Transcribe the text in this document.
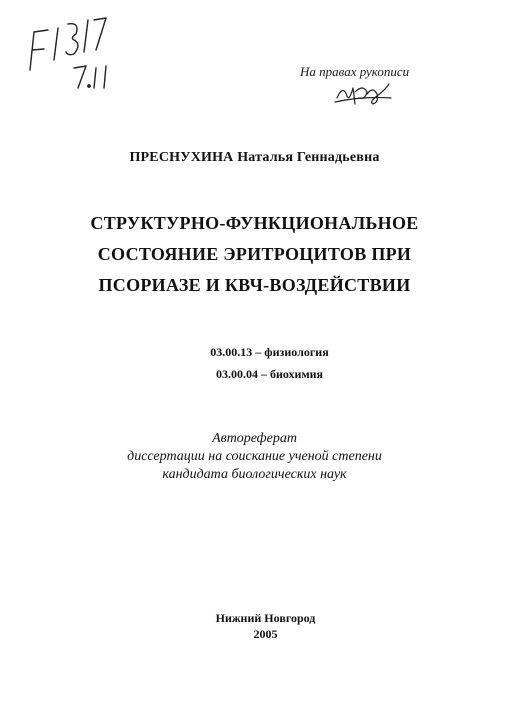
На правах рукописи
ПРЕСНУХИНА Наталья Геннадьевна
СТРУКТУРНО-ФУНКЦИОНАЛЬНОЕ
СОСТОЯНИЕ ЭРИТРОЦИТОВ ПРИ
ПСОРИАЗЕ И КВЧ-ВОЗДЕЙСТВИИ
03.00.13 – физиология
03.00.04 – биохимия
Автореферат
диссертации на соискание ученой степени
кандидата биологических наук
Нижний Новгород
2005
